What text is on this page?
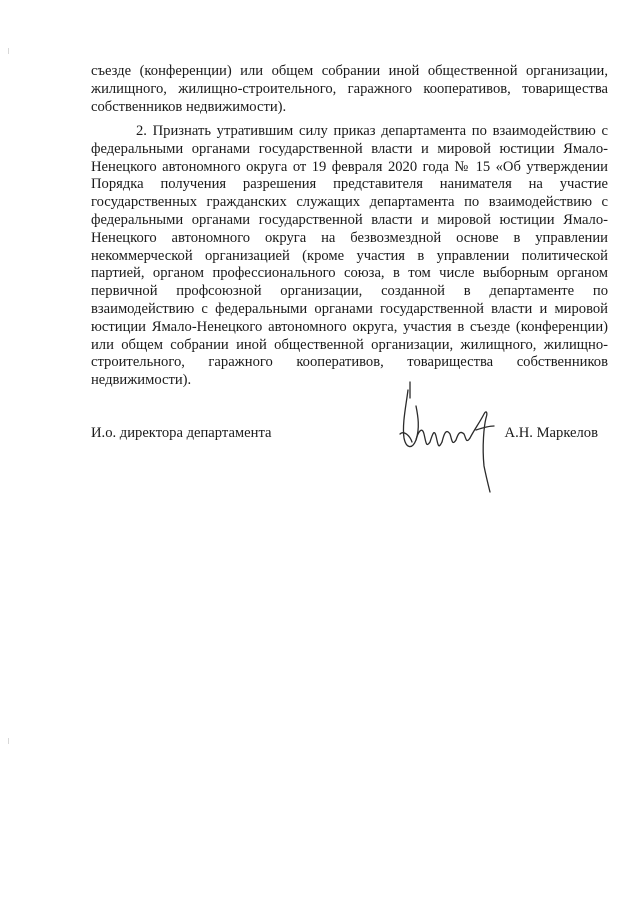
съезде (конференции) или общем собрании иной общественной организации, жилищного, жилищно-строительного, гаражного кооперативов, товарищества собственников недвижимости).

2. Признать утратившим силу приказ департамента по взаимодействию с федеральными органами государственной власти и мировой юстиции Ямало-Ненецкого автономного округа от 19 февраля 2020 года № 15 «Об утверждении Порядка получения разрешения представителя нанимателя на участие государственных гражданских служащих департамента по взаимодействию с федеральными органами государственной власти и мировой юстиции Ямало-Ненецкого автономного округа на безвозмездной основе в управлении некоммерческой организацией (кроме участия в управлении политической партией, органом профессионального союза, в том числе выборным органом первичной профсоюзной организации, созданной в департаменте по взаимодействию с федеральными органами государственной власти и мировой юстиции Ямало-Ненецкого автономного округа, участия в съезде (конференции) или общем собрании иной общественной организации, жилищного, жилищно-строительного, гаражного кооперативов, товарищества собственников недвижимости).

И.о. директора департамента	А.Н. Маркелов
